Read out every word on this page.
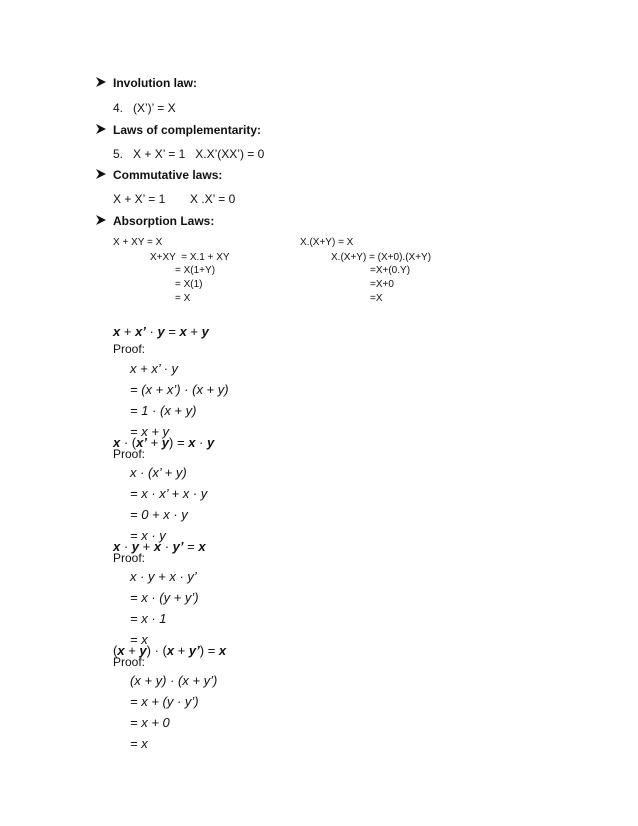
Involution law:
4.   (X’)’ = X
Laws of complementarity:
5.   X + X’ = 1   X.X’(XX’) = 0
Commutative laws:
X + X’ = 1 X .X’ = 0
Absorption Laws:
X + XY = X
X+XY  = X.1 + XY
= X(1+Y)
= X(1)
= X
X.(X+Y) = X
X.(X+Y) = (X+0).(X+Y)
=X+(0.Y)
=X+0
=X
x + x’ · y = x + y
Proof:
x + x’ · y
= (x + x’) · (x + y)
= 1 · (x + y)
= x + y
x · (x’ + y) = x · y
Proof:
x · (x’ + y)
= x · x’ + x · y
= 0 + x · y
= x · y
x · y + x · y’ = x
Proof:
x · y + x · y’
= x · (y + y’)
= x · 1
= x
(x + y) · (x + y’) = x
Proof:
(x + y) · (x + y’)
= x + (y · y’)
= x + 0
= x
